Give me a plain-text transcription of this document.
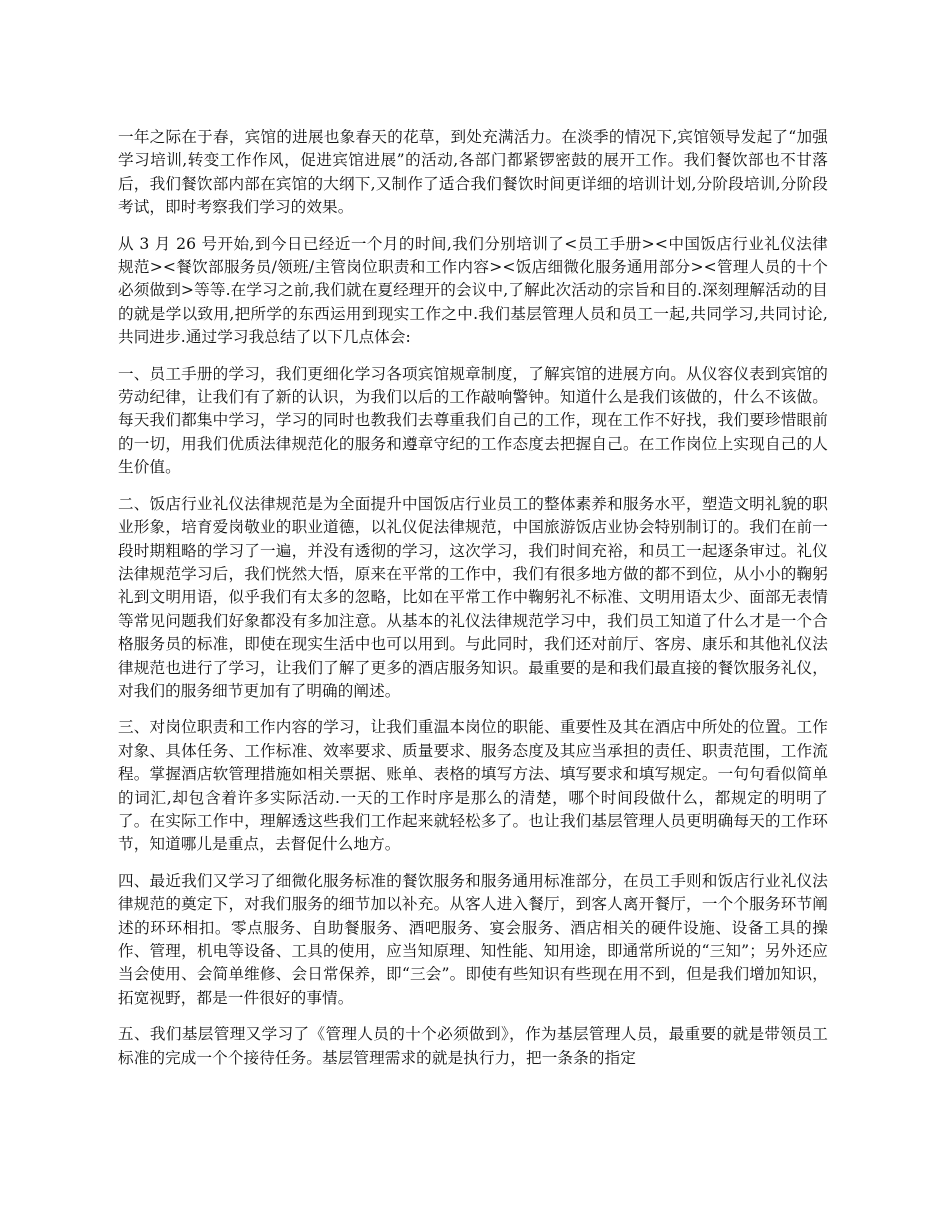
一年之际在于春，宾馆的进展也象春天的花草，到处充满活力。在淡季的情况下,宾馆领导发起了“加强学习培训,转变工作作风，促进宾馆进展”的活动,各部门都紧锣密鼓的展开工作。我们餐饮部也不甘落后，我们餐饮部内部在宾馆的大纲下,又制作了适合我们餐饮时间更详细的培训计划,分阶段培训,分阶段考试，即时考察我们学习的效果。

从 3 月 26 号开始,到今日已经近一个月的时间,我们分别培训了<员工手册><中国饭店行业礼仪法律规范><餐饮部服务员/领班/主管岗位职责和工作内容><饭店细微化服务通用部分><管理人员的十个必须做到>等等.在学习之前,我们就在夏经理开的会议中,了解此次活动的宗旨和目的.深刻理解活动的目的就是学以致用,把所学的东西运用到现实工作之中.我们基层管理人员和员工一起,共同学习,共同讨论,共同进步.通过学习我总结了以下几点体会:

一、员工手册的学习，我们更细化学习各项宾馆规章制度，了解宾馆的进展方向。从仪容仪表到宾馆的劳动纪律，让我们有了新的认识，为我们以后的工作敲响警钟。知道什么是我们该做的，什么不该做。每天我们都集中学习，学习的同时也教我们去尊重我们自己的工作，现在工作不好找，我们要珍惜眼前的一切，用我们优质法律规范化的服务和遵章守纪的工作态度去把握自己。在工作岗位上实现自己的人生价值。

二、饭店行业礼仪法律规范是为全面提升中国饭店行业员工的整体素养和服务水平，塑造文明礼貌的职业形象，培育爱岗敬业的职业道德，以礼仪促法律规范，中国旅游饭店业协会特别制订的。我们在前一段时期粗略的学习了一遍，并没有透彻的学习，这次学习，我们时间充裕，和员工一起逐条审过。礼仪法律规范学习后，我们恍然大悟，原来在平常的工作中，我们有很多地方做的都不到位，从小小的鞠躬礼到文明用语，似乎我们有太多的忽略，比如在平常工作中鞠躬礼不标准、文明用语太少、面部无表情等常见问题我们好象都没有多加注意。从基本的礼仪法律规范学习中，我们员工知道了什么才是一个合格服务员的标准，即使在现实生活中也可以用到。与此同时，我们还对前厅、客房、康乐和其他礼仪法律规范也进行了学习，让我们了解了更多的酒店服务知识。最重要的是和我们最直接的餐饮服务礼仪，对我们的服务细节更加有了明确的阐述。

三、对岗位职责和工作内容的学习，让我们重温本岗位的职能、重要性及其在酒店中所处的位置。工作对象、具体任务、工作标准、效率要求、质量要求、服务态度及其应当承担的责任、职责范围，工作流程。掌握酒店软管理措施如相关票据、账单、表格的填写方法、填写要求和填写规定。一句句看似简单的词汇,却包含着许多实际活动.一天的工作时序是那么的清楚，哪个时间段做什么，都规定的明明了了。在实际工作中，理解透这些我们工作起来就轻松多了。也让我们基层管理人员更明确每天的工作环节，知道哪儿是重点，去督促什么地方。

四、最近我们又学习了细微化服务标准的餐饮服务和服务通用标准部分，在员工手则和饭店行业礼仪法律规范的奠定下，对我们服务的细节加以补充。从客人进入餐厅，到客人离开餐厅，一个个服务环节阐述的环环相扣。零点服务、自助餐服务、酒吧服务、宴会服务、酒店相关的硬件设施、设备工具的操作、管理，机电等设备、工具的使用，应当知原理、知性能、知用途，即通常所说的“三知”；另外还应当会使用、会简单维修、会日常保养，即“三会”。即使有些知识有些现在用不到，但是我们增加知识，拓宽视野，都是一件很好的事情。

五、我们基层管理又学习了《管理人员的十个必须做到》，作为基层管理人员，最重要的就是带领员工标准的完成一个个接待任务。基层管理需求的就是执行力，把一条条的指定
